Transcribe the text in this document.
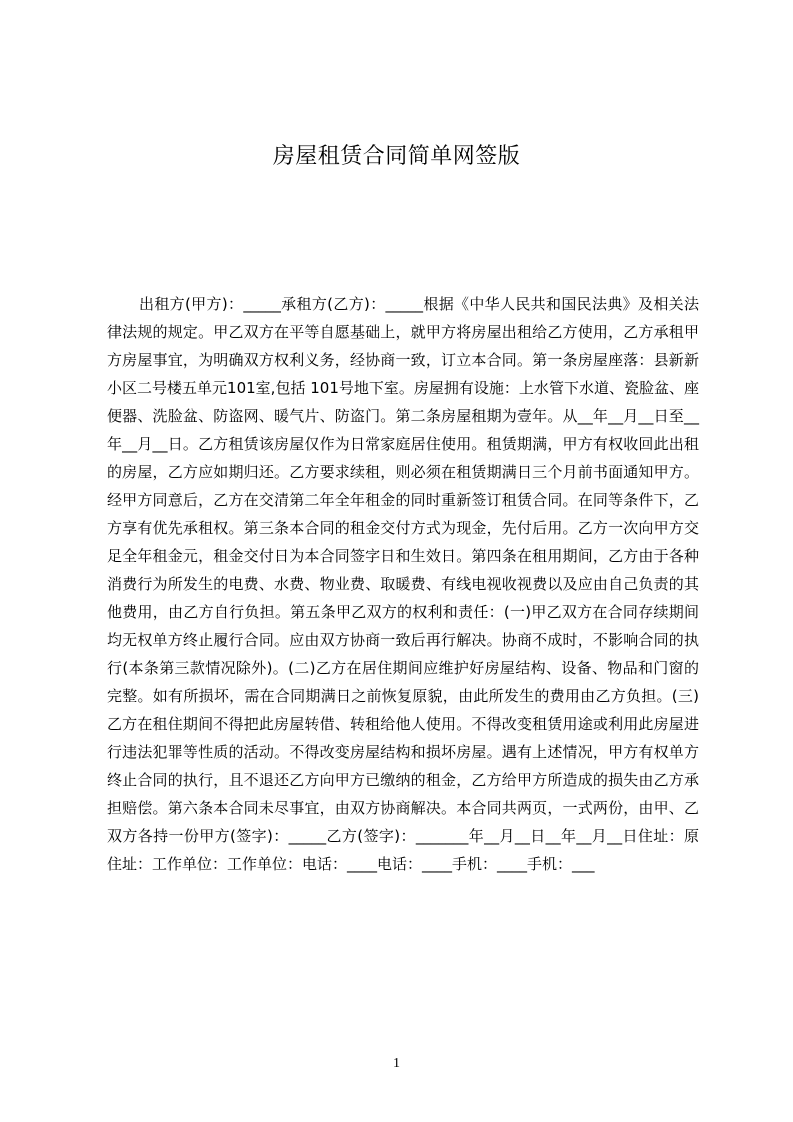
房屋租赁合同简单网签版

出租方(甲方)：_____承租方(乙方)：_____根据《中华人民共和国民法典》及相关法律法规的规定。甲乙双方在平等自愿基础上，就甲方将房屋出租给乙方使用，乙方承租甲方房屋事宜，为明确双方权利义务，经协商一致，订立本合同。第一条房屋座落：县新新小区二号楼五单元101室,包括 101号地下室。房屋拥有设施：上水管下水道、瓷脸盆、座便器、洗脸盆、防盗网、暖气片、防盗门。第二条房屋租期为壹年。从__年__月__日至__年__月__日。乙方租赁该房屋仅作为日常家庭居住使用。租赁期满，甲方有权收回此出租的房屋，乙方应如期归还。乙方要求续租，则必须在租赁期满日三个月前书面通知甲方。经甲方同意后，乙方在交清第二年全年租金的同时重新签订租赁合同。在同等条件下，乙方享有优先承租权。第三条本合同的租金交付方式为现金，先付后用。乙方一次向甲方交足全年租金元，租金交付日为本合同签字日和生效日。第四条在租用期间，乙方由于各种消费行为所发生的电费、水费、物业费、取暖费、有线电视收视费以及应由自己负责的其他费用，由乙方自行负担。第五条甲乙双方的权利和责任：(一)甲乙双方在合同存续期间均无权单方终止履行合同。应由双方协商一致后再行解决。协商不成时，不影响合同的执行(本条第三款情况除外)。(二)乙方在居住期间应维护好房屋结构、设备、物品和门窗的完整。如有所损坏，需在合同期满日之前恢复原貌，由此所发生的费用由乙方负担。(三)乙方在租住期间不得把此房屋转借、转租给他人使用。不得改变租赁用途或利用此房屋进行违法犯罪等性质的活动。不得改变房屋结构和损坏房屋。遇有上述情况，甲方有权单方终止合同的执行，且不退还乙方向甲方已缴纳的租金，乙方给甲方所造成的损失由乙方承担赔偿。第六条本合同未尽事宜，由双方协商解决。本合同共两页，一式两份，由甲、乙双方各持一份甲方(签字)：_____乙方(签字)：_______年__月__日__年__月__日住址：原住址：工作单位：工作单位：电话：____电话：____手机：____手机：___

1
